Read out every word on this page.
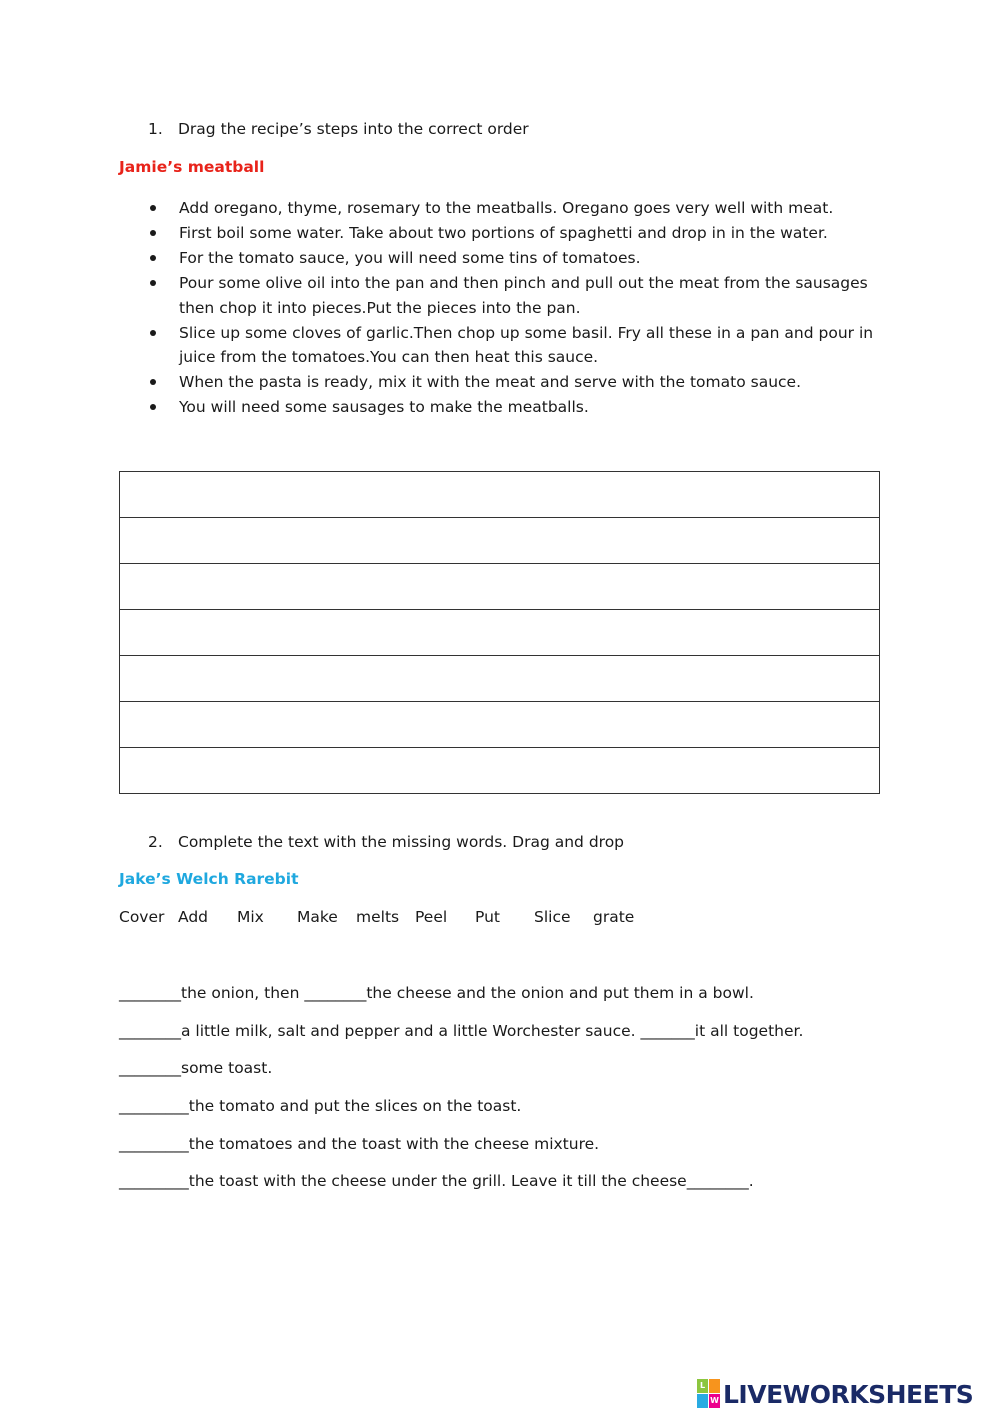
1. Drag the recipe’s steps into the correct order
Jamie’s meatball
Add oregano, thyme, rosemary to the meatballs. Oregano goes very well with meat.
First boil some water. Take about two portions of spaghetti and drop in in the water.
For the tomato sauce, you will need some tins of tomatoes.
Pour some olive oil into the pan and then pinch and pull out the meat from the sausages then chop it into pieces.Put the pieces into the pan.
Slice up some cloves of garlic.Then chop up some basil. Fry all these in a pan and pour in juice from the tomatoes.You can then heat this sauce.
When the pasta is ready, mix it with the meat and serve with the tomato sauce.
You will need some sausages to make the meatballs.

2. Complete the text with the missing words. Drag and drop
Jake’s Welch Rarebit
Cover Add Mix Make melts Peel Put Slice grate
________the onion, then ________the cheese and the onion and put them in a bowl.
________a little milk, salt and pepper and a little Worchester sauce. _______it all together.
________some toast.
_________the tomato and put the slices on the toast.
_________the tomatoes and the toast with the cheese mixture.
_________the toast with the cheese under the grill. Leave it till the cheese________.
L
W LIVEWORKSHEETS
